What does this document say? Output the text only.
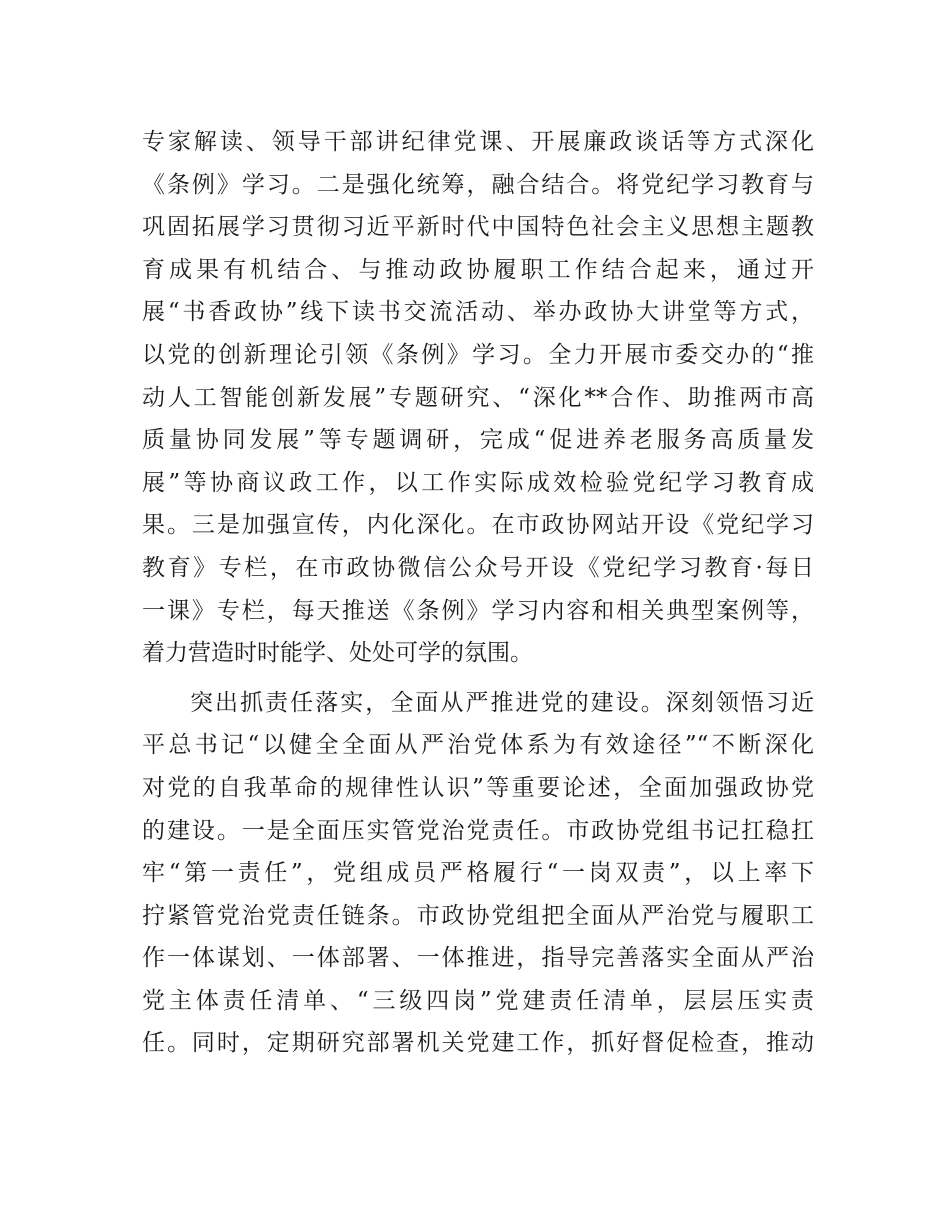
专家解读、领导干部讲纪律党课、开展廉政谈话等方式深化
《条例》学习。二是强化统筹，融合结合。将党纪学习教育与
巩固拓展学习贯彻习近平新时代中国特色社会主义思想主题教
育成果有机结合、与推动政协履职工作结合起来，通过开
展“书香政协”线下读书交流活动、举办政协大讲堂等方式，
以党的创新理论引领《条例》学习。全力开展市委交办的“推
动人工智能创新发展”专题研究、“深化**合作、助推两市高
质量协同发展”等专题调研，完成“促进养老服务高质量发
展”等协商议政工作，以工作实际成效检验党纪学习教育成
果。三是加强宣传，内化深化。在市政协网站开设《党纪学习
教育》专栏，在市政协微信公众号开设《党纪学习教育·每日
一课》专栏，每天推送《条例》学习内容和相关典型案例等，
着力营造时时能学、处处可学的氛围。
突出抓责任落实，全面从严推进党的建设。深刻领悟习近
平总书记“以健全全面从严治党体系为有效途径”“不断深化
对党的自我革命的规律性认识”等重要论述，全面加强政协党
的建设。一是全面压实管党治党责任。市政协党组书记扛稳扛
牢“第一责任”，党组成员严格履行“一岗双责”，以上率下
拧紧管党治党责任链条。市政协党组把全面从严治党与履职工
作一体谋划、一体部署、一体推进，指导完善落实全面从严治
党主体责任清单、“三级四岗”党建责任清单，层层压实责
任。同时，定期研究部署机关党建工作，抓好督促检查，推动
